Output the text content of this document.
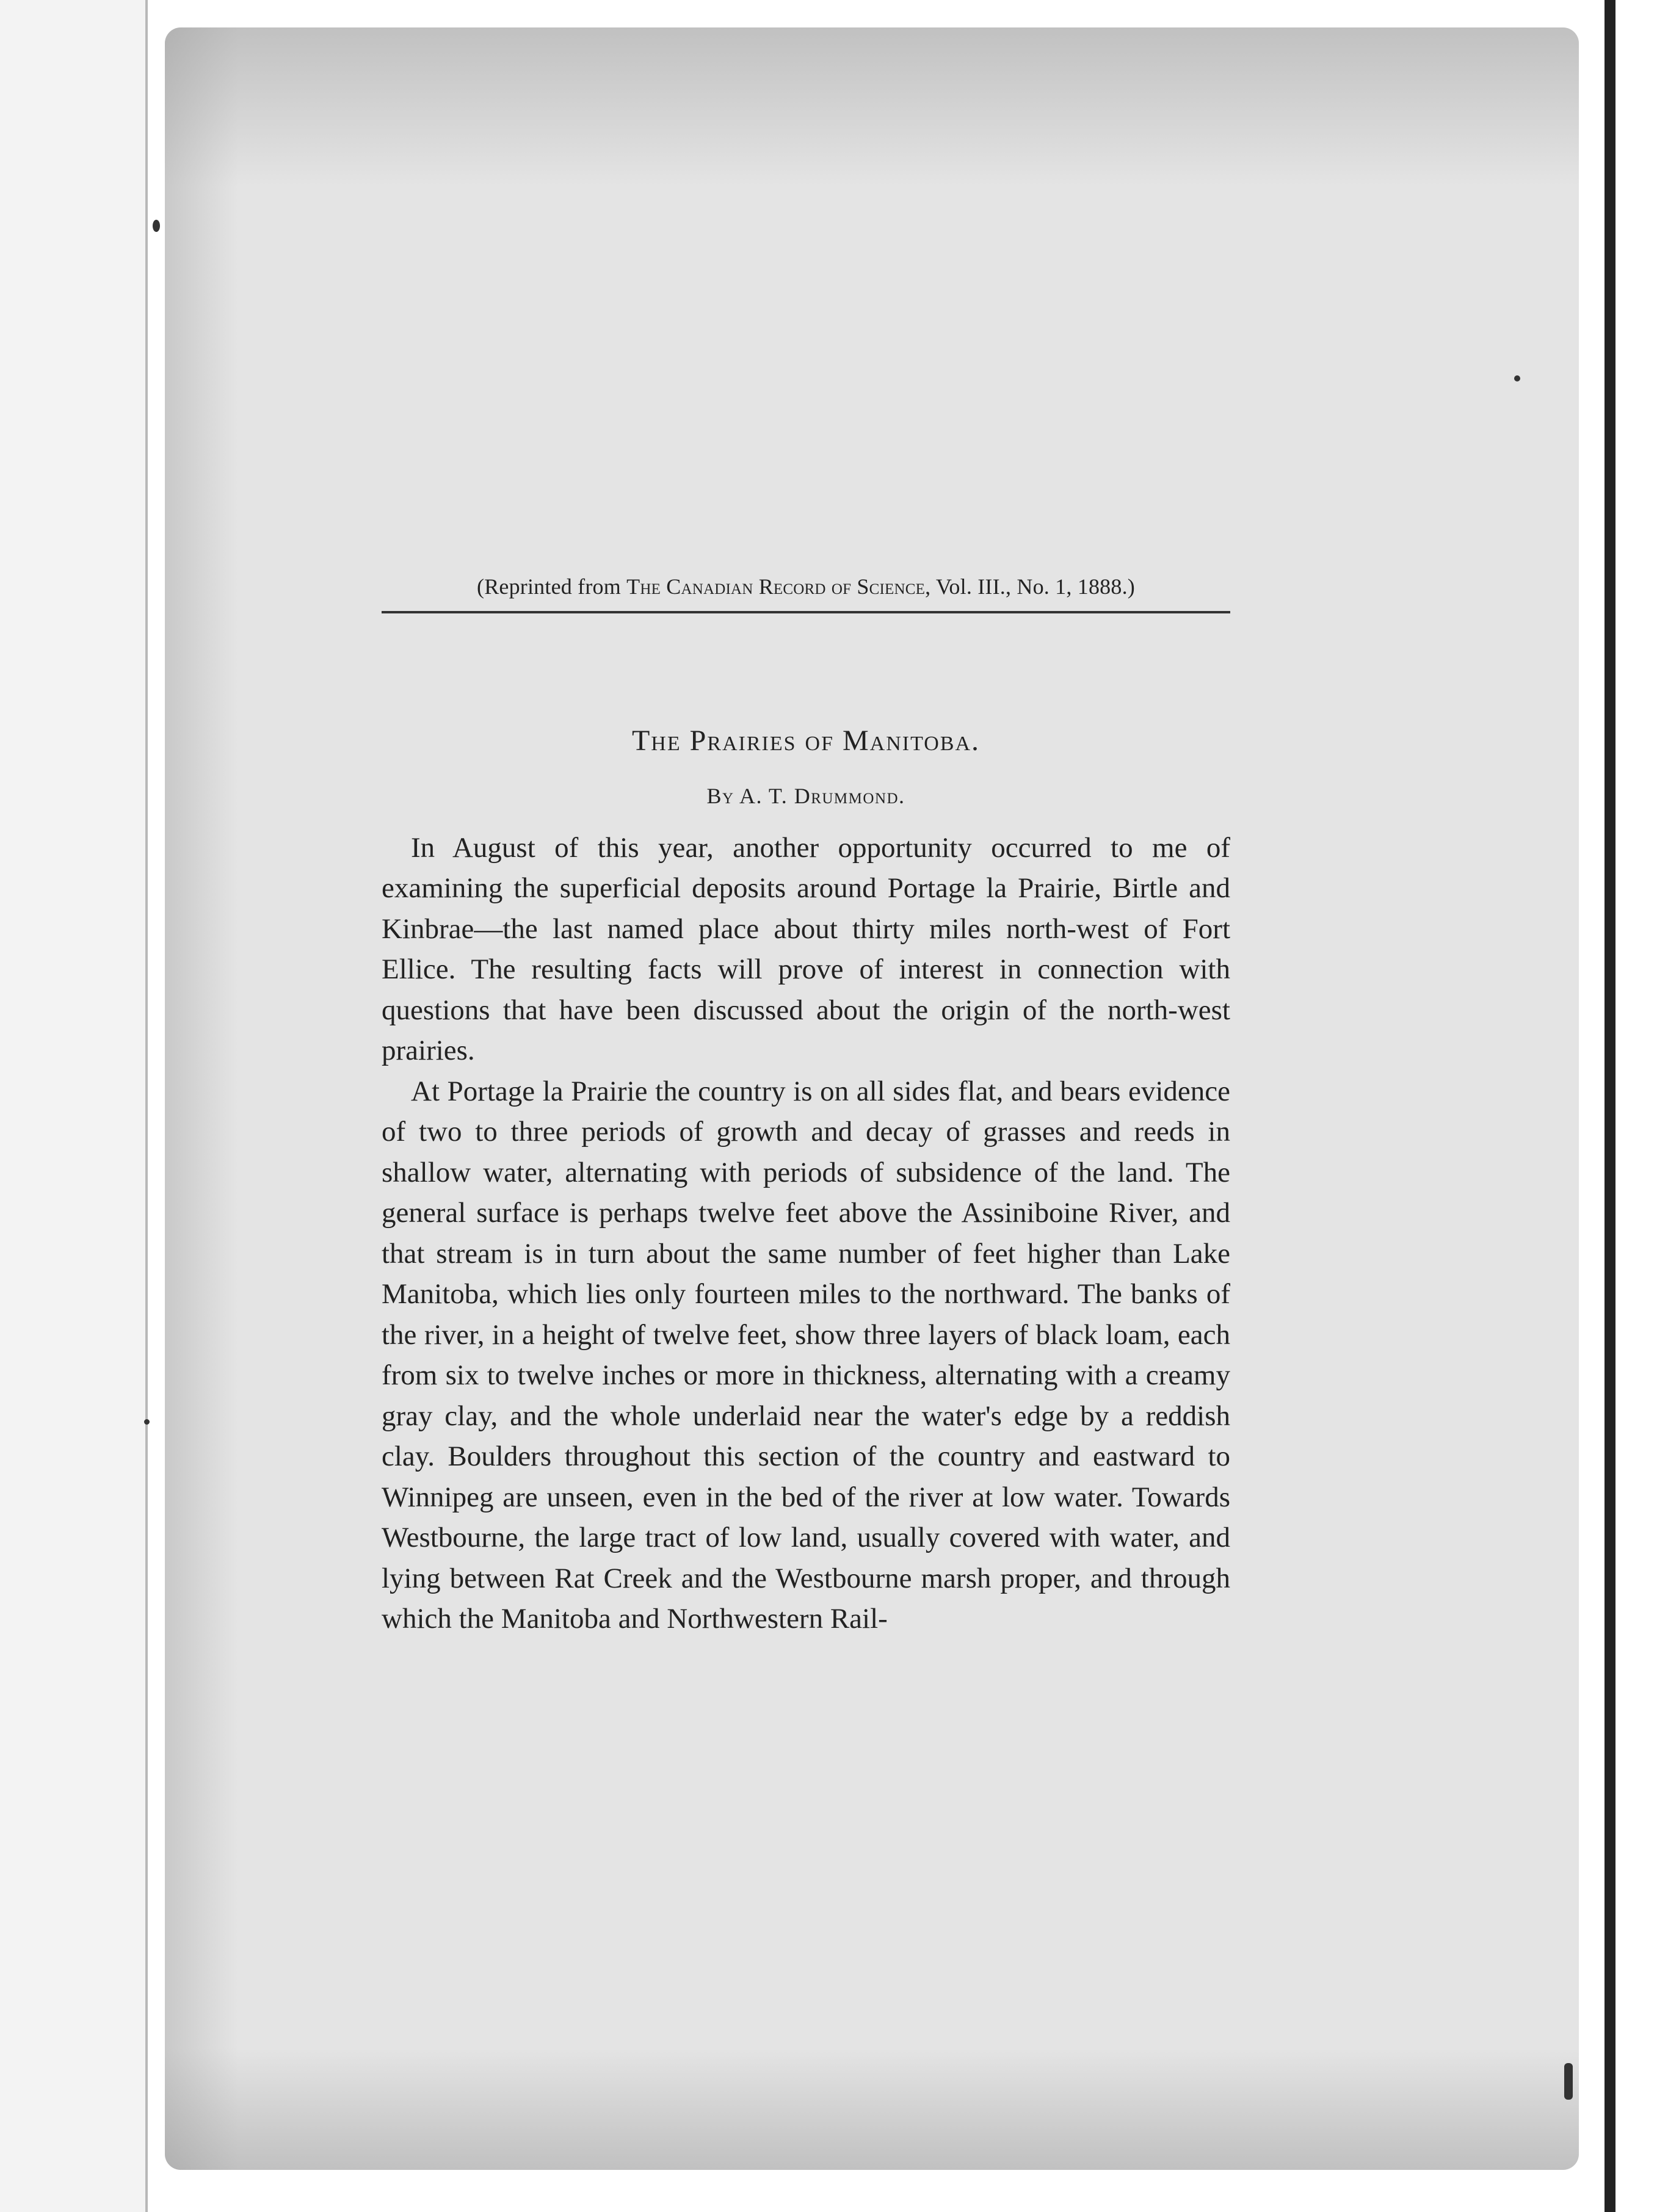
(Reprinted from The Canadian Record of Science, Vol. III., No. 1, 1888.)
The Prairies of Manitoba.
By A. T. Drummond.

In August of this year, another opportunity occurred to me of examining the superficial deposits around Portage la Prairie, Birtle and Kinbrae—the last named place about thirty miles north-west of Fort Ellice. The resulting facts will prove of interest in connection with questions that have been discussed about the origin of the north-west prairies.

At Portage la Prairie the country is on all sides flat, and bears evidence of two to three periods of growth and decay of grasses and reeds in shallow water, alternating with periods of subsidence of the land. The general surface is perhaps twelve feet above the Assiniboine River, and that stream is in turn about the same number of feet higher than Lake Manitoba, which lies only fourteen miles to the northward. The banks of the river, in a height of twelve feet, show three layers of black loam, each from six to twelve inches or more in thickness, alternating with a creamy gray clay, and the whole underlaid near the water's edge by a reddish clay. Boulders throughout this section of the country and eastward to Winnipeg are unseen, even in the bed of the river at low water. Towards Westbourne, the large tract of low land, usually covered with water, and lying between Rat Creek and the Westbourne marsh proper, and through which the Manitoba and Northwestern Rail-
